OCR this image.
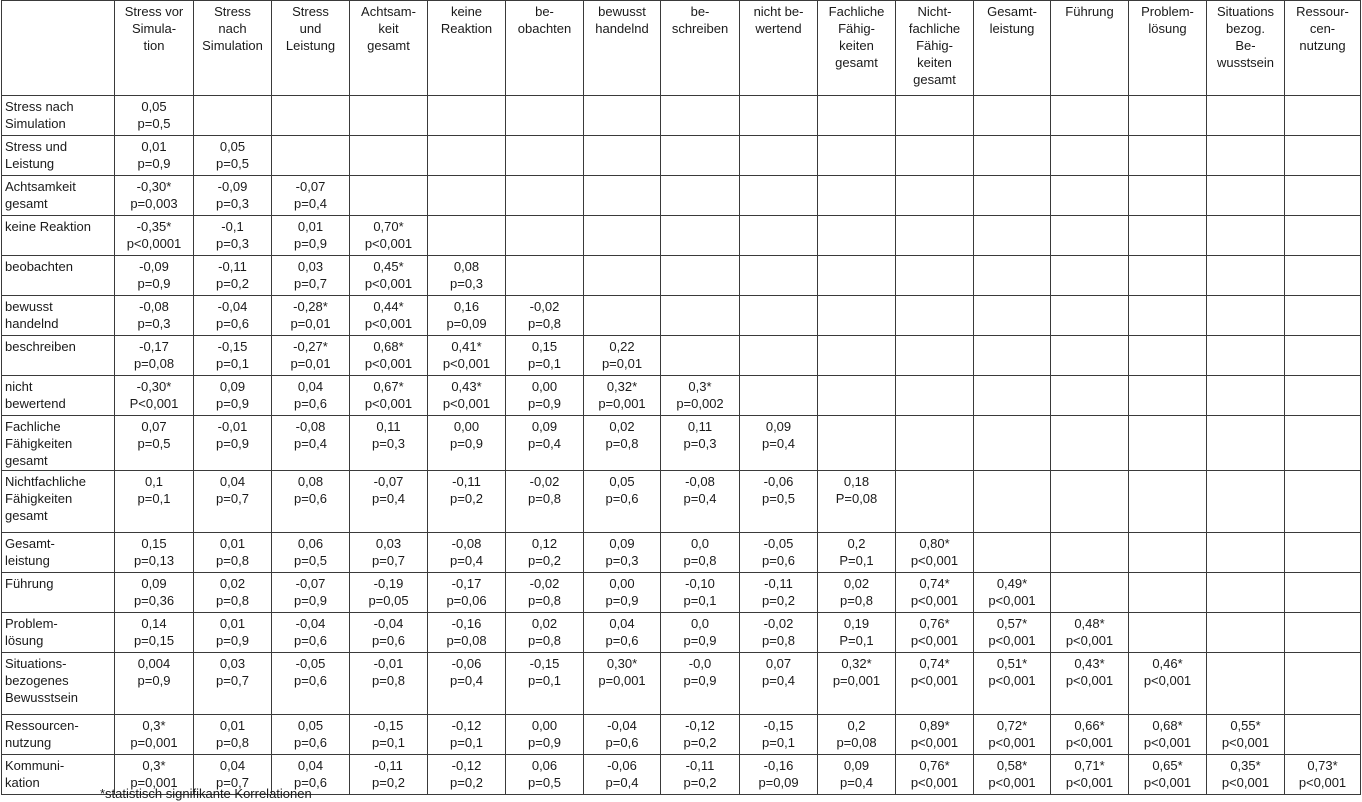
	Stress vor
Simula-
tion	Stress
nach
Simulation	Stress
und
Leistung	Achtsam-
keit
gesamt	keine
Reaktion	be-
obachten	bewusst
handelnd	be-
schreiben	nicht be-
wertend	Fachliche
Fähig-
keiten
gesamt	Nicht-
fachliche
Fähig-
keiten
gesamt	Gesamt-
leistung	Führung	Problem-
lösung	Situations
bezog.
Be-
wusstsein	Ressour-
cen-
nutzung
Stress nach
Simulation	0,05
p=0,5															
Stress und
Leistung	0,01
p=0,9	0,05
p=0,5														
Achtsamkeit
gesamt	-0,30*
p=0,003	-0,09
p=0,3	-0,07
p=0,4													
keine Reaktion	-0,35*
p<0,0001	-0,1
p=0,3	0,01
p=0,9	0,70*
p<0,001												
beobachten	-0,09
p=0,9	-0,11
p=0,2	0,03
p=0,7	0,45*
p<0,001	0,08
p=0,3											
bewusst
handelnd	-0,08
p=0,3	-0,04
p=0,6	-0,28*
p=0,01	0,44*
p<0,001	0,16
p=0,09	-0,02
p=0,8										
beschreiben	-0,17
p=0,08	-0,15
p=0,1	-0,27*
p=0,01	0,68*
p<0,001	0,41*
p<0,001	0,15
p=0,1	0,22
p=0,01									
nicht
bewertend	-0,30*
P<0,001	0,09
p=0,9	0,04
p=0,6	0,67*
p<0,001	0,43*
p<0,001	0,00
p=0,9	0,32*
p=0,001	0,3*
p=0,002								
Fachliche
Fähigkeiten
gesamt	0,07
p=0,5	-0,01
p=0,9	-0,08
p=0,4	0,11
p=0,3	0,00
p=0,9	0,09
p=0,4	0,02
p=0,8	0,11
p=0,3	0,09
p=0,4							
Nichtfachliche
Fähigkeiten
gesamt	0,1
p=0,1	0,04
p=0,7	0,08
p=0,6	-0,07
p=0,4	-0,11
p=0,2	-0,02
p=0,8	0,05
p=0,6	-0,08
p=0,4	-0,06
p=0,5	0,18
P=0,08						
Gesamt-
leistung	0,15
p=0,13	0,01
p=0,8	0,06
p=0,5	0,03
p=0,7	-0,08
p=0,4	0,12
p=0,2	0,09
p=0,3	0,0
p=0,8	-0,05
p=0,6	0,2
P=0,1	0,80*
p<0,001					
Führung	0,09
p=0,36	0,02
p=0,8	-0,07
p=0,9	-0,19
p=0,05	-0,17
p=0,06	-0,02
p=0,8	0,00
p=0,9	-0,10
p=0,1	-0,11
p=0,2	0,02
p=0,8	0,74*
p<0,001	0,49*
p<0,001				
Problem-
lösung	0,14
p=0,15	0,01
p=0,9	-0,04
p=0,6	-0,04
p=0,6	-0,16
p=0,08	0,02
p=0,8	0,04
p=0,6	0,0
p=0,9	-0,02
p=0,8	0,19
P=0,1	0,76*
p<0,001	0,57*
p<0,001	0,48*
p<0,001			
Situations-
bezogenes
Bewusstsein	0,004
p=0,9	0,03
p=0,7	-0,05
p=0,6	-0,01
p=0,8	-0,06
p=0,4	-0,15
p=0,1	0,30*
p=0,001	-0,0
p=0,9	0,07
p=0,4	0,32*
p=0,001	0,74*
p<0,001	0,51*
p<0,001	0,43*
p<0,001	0,46*
p<0,001		
Ressourcen-
nutzung	0,3*
p=0,001	0,01
p=0,8	0,05
p=0,6	-0,15
p=0,1	-0,12
p=0,1	0,00
p=0,9	-0,04
p=0,6	-0,12
p=0,2	-0,15
p=0,1	0,2
p=0,08	0,89*
p<0,001	0,72*
p<0,001	0,66*
p<0,001	0,68*
p<0,001	0,55*
p<0,001	
Kommuni-
kation	0,3*
p=0,001	0,04
p=0,7	0,04
p=0,6	-0,11
p=0,2	-0,12
p=0,2	0,06
p=0,5	-0,06
p=0,4	-0,11
p=0,2	-0,16
p=0,09	0,09
p=0,4	0,76*
p<0,001	0,58*
p<0,001	0,71*
p<0,001	0,65*
p<0,001	0,35*
p<0,001	0,73*
p<0,001
*statistisch signifikante Korrelationen
